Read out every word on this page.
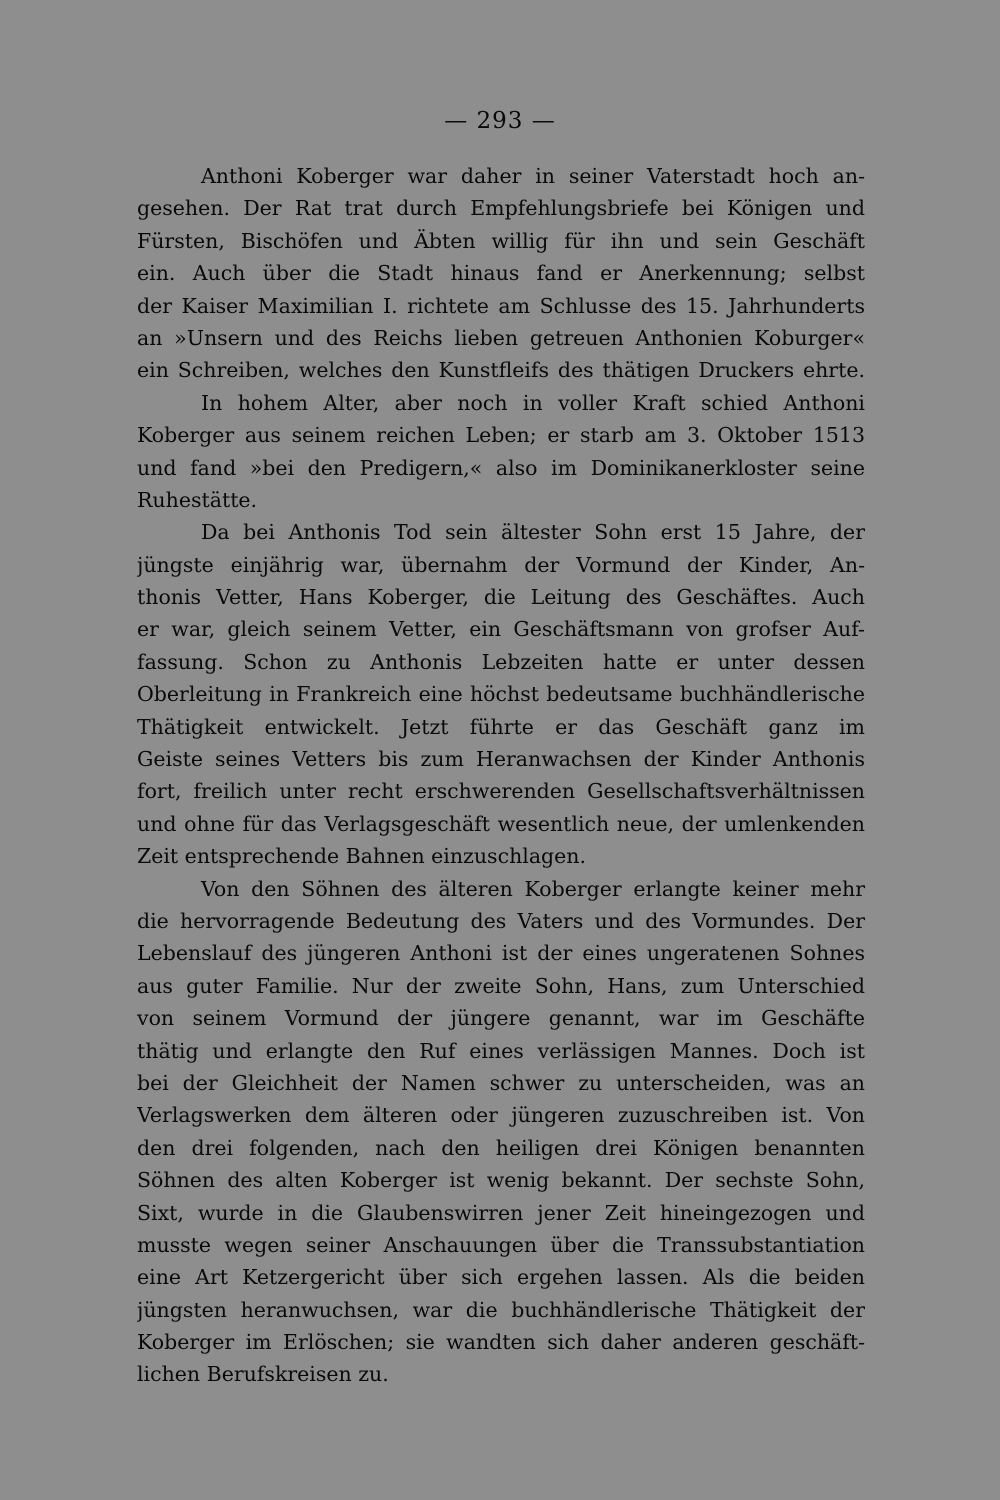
— 293 —
Anthoni Koberger war daher in seiner Vaterstadt hoch an-
gesehen. Der Rat trat durch Empfehlungsbriefe bei Königen und
Fürsten, Bischöfen und Äbten willig für ihn und sein Geschäft
ein. Auch über die Stadt hinaus fand er Anerkennung; selbst
der Kaiser Maximilian I. richtete am Schlusse des 15. Jahrhunderts
an »Unsern und des Reichs lieben getreuen Anthonien Koburger«
ein Schreiben, welches den Kunstfleifs des thätigen Druckers ehrte.
In hohem Alter, aber noch in voller Kraft schied Anthoni
Koberger aus seinem reichen Leben; er starb am 3. Oktober 1513
und fand »bei den Predigern,« also im Dominikanerkloster seine
Ruhestätte.
Da bei Anthonis Tod sein ältester Sohn erst 15 Jahre, der
jüngste einjährig war, übernahm der Vormund der Kinder, An-
thonis Vetter, Hans Koberger, die Leitung des Geschäftes. Auch
er war, gleich seinem Vetter, ein Geschäftsmann von grofser Auf-
fassung. Schon zu Anthonis Lebzeiten hatte er unter dessen
Oberleitung in Frankreich eine höchst bedeutsame buchhändlerische
Thätigkeit entwickelt. Jetzt führte er das Geschäft ganz im
Geiste seines Vetters bis zum Heranwachsen der Kinder Anthonis
fort, freilich unter recht erschwerenden Gesellschaftsverhältnissen
und ohne für das Verlagsgeschäft wesentlich neue, der umlenkenden
Zeit entsprechende Bahnen einzuschlagen.
Von den Söhnen des älteren Koberger erlangte keiner mehr
die hervorragende Bedeutung des Vaters und des Vormundes. Der
Lebenslauf des jüngeren Anthoni ist der eines ungeratenen Sohnes
aus guter Familie. Nur der zweite Sohn, Hans, zum Unterschied
von seinem Vormund der jüngere genannt, war im Geschäfte
thätig und erlangte den Ruf eines verlässigen Mannes. Doch ist
bei der Gleichheit der Namen schwer zu unterscheiden, was an
Verlagswerken dem älteren oder jüngeren zuzuschreiben ist. Von
den drei folgenden, nach den heiligen drei Königen benannten
Söhnen des alten Koberger ist wenig bekannt. Der sechste Sohn,
Sixt, wurde in die Glaubenswirren jener Zeit hineingezogen und
musste wegen seiner Anschauungen über die Transsubstantiation
eine Art Ketzergericht über sich ergehen lassen. Als die beiden
jüngsten heranwuchsen, war die buchhändlerische Thätigkeit der
Koberger im Erlöschen; sie wandten sich daher anderen geschäft-
lichen Berufskreisen zu.
